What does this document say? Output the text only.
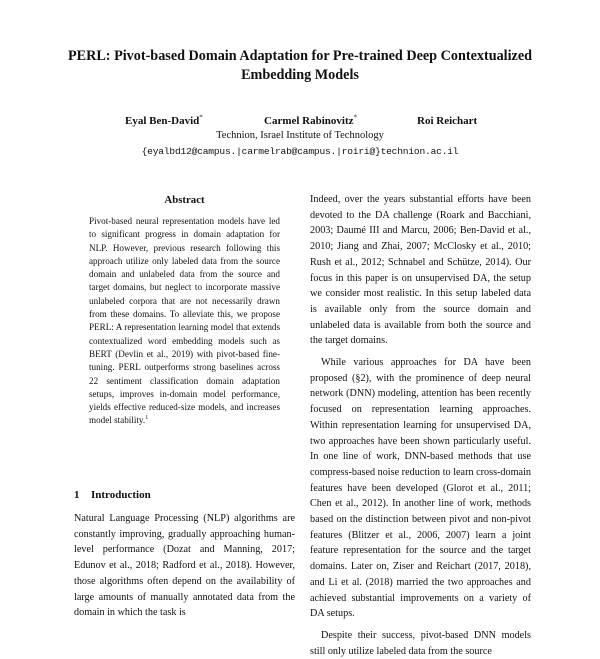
PERL: Pivot-based Domain Adaptation for Pre-trained Deep Contextualized Embedding Models
Eyal Ben-David*	Carmel Rabinovitz*	Roi Reichart
Technion, Israel Institute of Technology
{eyalbd12@campus.|carmelrab@campus.|roiri@}technion.ac.il
Abstract

Pivot-based neural representation models have led to significant progress in domain adaptation for NLP. However, previous research following this approach utilize only labeled data from the source domain and unlabeled data from the source and target domains, but neglect to incorporate massive unlabeled corpora that are not necessarily drawn from these domains. To alleviate this, we propose PERL: A representation learning model that extends contextualized word embedding models such as BERT (Devlin et al., 2019) with pivot-based fine-tuning. PERL outperforms strong baselines across 22 sentiment classification domain adaptation setups, improves in-domain model performance, yields effective reduced-size models, and increases model stability.$^1$

1 Introduction

Natural Language Processing (NLP) algorithms are constantly improving, gradually approaching human-level performance (Dozat and Manning, 2017; Edunov et al., 2018; Radford et al., 2018). However, those algorithms often depend on the availability of large amounts of manually annotated data from the domain in which the task is

Indeed, over the years substantial efforts have been devoted to the DA challenge (Roark and Bacchiani, 2003; Daumé III and Marcu, 2006; Ben-David et al., 2010; Jiang and Zhai, 2007; McClosky et al., 2010; Rush et al., 2012; Schnabel and Schütze, 2014). Our focus in this paper is on unsupervised DA, the setup we consider most realistic. In this setup labeled data is available only from the source domain and unlabeled data is available from both the source and the target domains.

While various approaches for DA have been proposed (§2), with the prominence of deep neural network (DNN) modeling, attention has been recently focused on representation learning approaches. Within representation learning for unsupervised DA, two approaches have been shown particularly useful. In one line of work, DNN-based methods that use compress-based noise reduction to learn cross-domain features have been developed (Glorot et al., 2011; Chen et al., 2012). In another line of work, methods based on the distinction between pivot and non-pivot features (Blitzer et al., 2006, 2007) learn a joint feature representation for the source and the target domains. Later on, Ziser and Reichart (2017, 2018), and Li et al. (2018) married the two approaches and achieved substantial improvements on a variety of DA setups.

Despite their success, pivot-based DNN models still only utilize labeled data from the source
